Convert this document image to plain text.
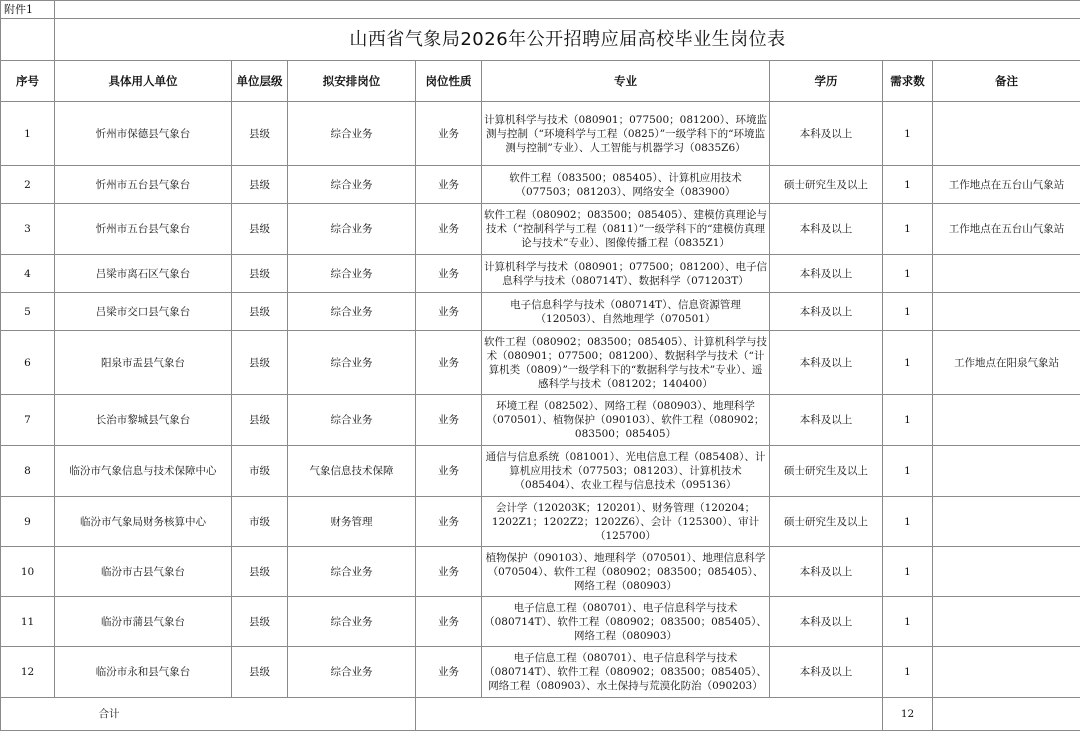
附件1								
	山西省气象局2026年公开招聘应届高校毕业生岗位表							
序号	具体用人单位	单位层级	拟安排岗位	岗位性质	专业	学历	需求数	备注
1	忻州市保德县气象台	县级	综合业务	业务	计算机科学与技术（080901；077500；081200）、环境监测与控制（“环境科学与工程（0825）”一级学科下的“环境监测与控制”专业）、人工智能与机器学习（0835Z6）	本科及以上	1	
2	忻州市五台县气象台	县级	综合业务	业务	软件工程（083500；085405）、计算机应用技术（077503；081203）、网络安全（083900）	硕士研究生及以上	1	工作地点在五台山气象站
3	忻州市五台县气象台	县级	综合业务	业务	软件工程（080902；083500；085405）、建模仿真理论与技术（“控制科学与工程（0811）”一级学科下的“建模仿真理论与技术”专业）、图像传播工程（0835Z1）	本科及以上	1	工作地点在五台山气象站
4	吕梁市离石区气象台	县级	综合业务	业务	计算机科学与技术（080901；077500；081200）、电子信息科学与技术（080714T）、数据科学（071203T）	本科及以上	1	
5	吕梁市交口县气象台	县级	综合业务	业务	电子信息科学与技术（080714T）、信息资源管理（120503）、自然地理学（070501）	本科及以上	1	
6	阳泉市盂县气象台	县级	综合业务	业务	软件工程（080902；083500；085405）、计算机科学与技术（080901；077500；081200）、数据科学与技术（“计算机类（0809）”一级学科下的“数据科学与技术”专业）、遥感科学与技术（081202；140400）	本科及以上	1	工作地点在阳泉气象站
7	长治市黎城县气象台	县级	综合业务	业务	环境工程（082502）、网络工程（080903）、地理科学（070501）、植物保护（090103）、软件工程（080902；083500；085405）	本科及以上	1	
8	临汾市气象信息与技术保障中心	市级	气象信息技术保障	业务	通信与信息系统（081001）、光电信息工程（085408）、计算机应用技术（077503；081203）、计算机技术（085404）、农业工程与信息技术（095136）	硕士研究生及以上	1	
9	临汾市气象局财务核算中心	市级	财务管理	业务	会计学（120203K；120201）、财务管理（120204；1202Z1；1202Z2；1202Z6）、会计（125300）、审计（125700）	硕士研究生及以上	1	
10	临汾市古县气象台	县级	综合业务	业务	植物保护（090103）、地理科学（070501）、地理信息科学（070504）、软件工程（080902；083500；085405）、网络工程（080903）	本科及以上	1	
11	临汾市蒲县气象台	县级	综合业务	业务	电子信息工程（080701）、电子信息科学与技术（080714T）、软件工程（080902；083500；085405）、网络工程（080903）	本科及以上	1	
12	临汾市永和县气象台	县级	综合业务	业务	电子信息工程（080701）、电子信息科学与技术（080714T）、软件工程（080902；083500；085405）、网络工程（080903）、水土保持与荒漠化防治（090203）	本科及以上	1	
合计							12	
